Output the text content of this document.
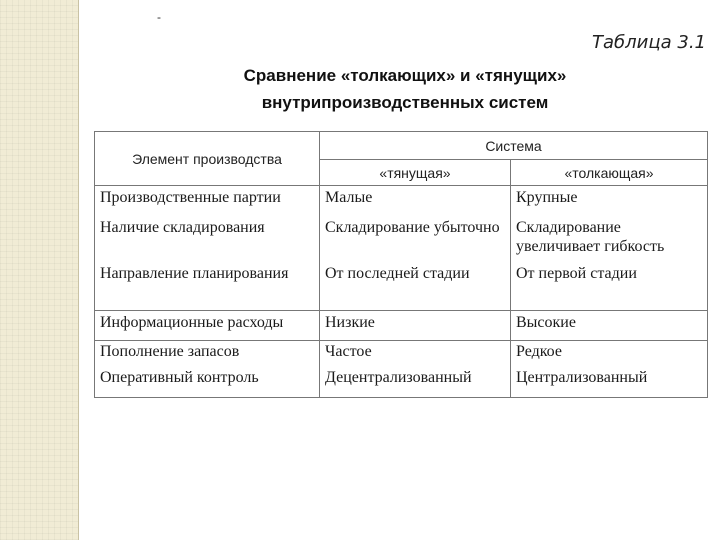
-
Таблица 3.1
Сравнение «толкающих» и «тянущих»
внутрипроизводственных систем
Элемент производства	Система	
	«тянущая»	«толкающая»
Производственные партии	Малые	Крупные
Наличие складирования	Складирование убыточно	Складирование увеличивает гибкость
Направление планирования	От последней стадии	От первой стадии
Информационные расходы	Низкие	Высокие
Пополнение запасов	Частое	Редкое
Оперативный контроль	Децентрализованный	Централизованный
